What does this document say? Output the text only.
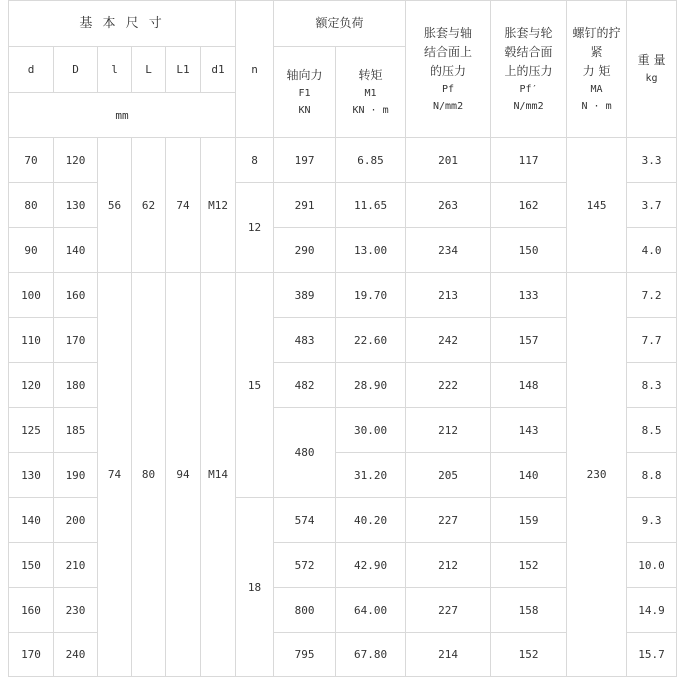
基 本 尺 寸						n	额定负荷		胀套与轴
结合面上
的压力
Pf
N/mm2	胀套与轮
毂结合面
上的压力
Pf′
N/mm2	螺钉的拧
紧
力 矩
MA
N · m	重 量
kg

d	D	l	L	L1	d1		轴向力
F1
KN	转矩
M1
KN · m				

mm												
70	120	56	62	74	M12	8	197	6.85	201	117	145	3.3
80	130					12	291	11.65	263	162		3.7
90	140						290	13.00	234	150		4.0
100	160	74	80	94	M14	15	389	19.70	213	133	230	7.2
110	170						483	22.60	242	157		7.7
120	180						482	28.90	222	148		8.3
125	185						480	30.00	212	143		8.5
130	190							31.20	205	140		8.8
140	200					18	574	40.20	227	159		9.3
150	210						572	42.90	212	152		10.0
160	230						800	64.00	227	158		14.9
170	240						795	67.80	214	152		15.7
